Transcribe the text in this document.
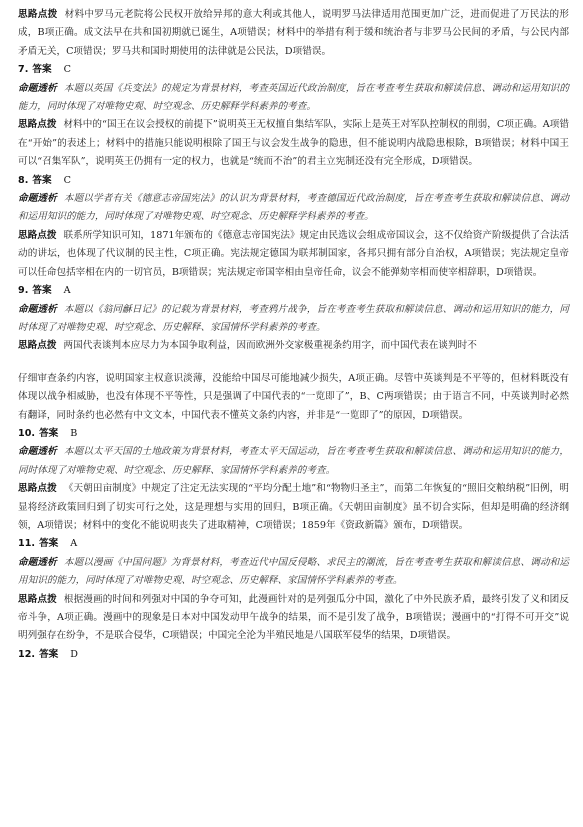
思路点拨 材料中罗马元老院将公民权开放给异邦的意大利或其他人，说明罗马法律适用范围更加广泛，进而促进了万民法的形成，B项正确。成文法早在共和国初期就已诞生，A项错误；材料中的举措有利于缓和统治者与非罗马公民间的矛盾，与公民内部矛盾无关，C项错误；罗马共和国时期使用的法律就是公民法，D项错误。

7. 答案 C

命题透析 本题以英国《兵变法》的规定为背景材料，考查英国近代政治制度，旨在考查考生获取和解读信息、调动和运用知识的能力，同时体现了对唯物史观、时空观念、历史解释学科素养的考查。

思路点拨 材料中的“国王在议会授权的前提下”说明英王无权擅自集结军队，实际上是英王对军队控制权的削弱，C项正确。A项错在“开始”的表述上；材料中的措施只能说明根除了国王与议会发生战争的隐患，但不能说明内战隐患根除，B项错误；材料中国王可以“召集军队”，说明英王仍拥有一定的权力，也就是“统而不治”的君主立宪制还没有完全形成，D项错误。

8. 答案 C

命题透析 本题以学者有关《德意志帝国宪法》的认识为背景材料，考查德国近代政治制度，旨在考查考生获取和解读信息、调动和运用知识的能力，同时体现了对唯物史观、时空观念、历史解释学科素养的考查。

思路点拨 联系所学知识可知，1871年颁布的《德意志帝国宪法》规定由民选议会组成帝国议会，这不仅给资产阶级提供了合法活动的讲坛，也体现了代议制的民主性，C项正确。宪法规定德国为联邦制国家，各邦只拥有部分自治权，A项错误；宪法规定皇帝可以任命包括宰相在内的一切官员，B项错误；宪法规定帝国宰相由皇帝任命，议会不能弹劾宰相而使宰相辞职，D项错误。

9. 答案 A

命题透析 本题以《翁同龢日记》的记载为背景材料，考查鸦片战争，旨在考查考生获取和解读信息、调动和运用知识的能力，同时体现了对唯物史观、时空观念、历史解释、家国情怀学科素养的考查。

思路点拨 两国代表谈判本应尽力为本国争取利益，因而欧洲外交家极重视条约用字，而中国代表在谈判时不

仔细审查条约内容，说明国家主权意识淡薄，没能给中国尽可能地减少损失，A项正确。尽管中英谈判是不平等的，但材料既没有体现以战争相威胁，也没有体现不平等性，只是强调了中国代表的“一览即了”，B、C两项错误；由于语言不同，中英谈判时必然有翻译，同时条约也必然有中文文本，中国代表不懂英文条约内容，并非是“一览即了”的原因，D项错误。

10. 答案 B

命题透析 本题以太平天国的土地政策为背景材料，考查太平天国运动，旨在考查考生获取和解读信息、调动和运用知识的能力，同时体现了对唯物史观、时空观念、历史解释、家国情怀学科素养的考查。

思路点拨 《天朝田亩制度》中规定了注定无法实现的“平均分配土地”和“物物归圣主”，而第二年恢复的“照旧交粮纳税”旧例，明显将经济政策回归到了切实可行之处，这是理想与实用的回归，B项正确。《天朝田亩制度》虽不切合实际，但却是明确的经济纲领，A项错误；材料中的变化不能说明丧失了进取精神，C项错误；1859年《资政新篇》颁布，D项错误。

11. 答案 A

命题透析 本题以漫画《中国问题》为背景材料，考查近代中国反侵略、求民主的潮流，旨在考查考生获取和解读信息、调动和运用知识的能力，同时体现了对唯物史观、时空观念、历史解释、家国情怀学科素养的考查。

思路点拨 根据漫画的时间和列强对中国的争夺可知，此漫画针对的是列强瓜分中国，激化了中外民族矛盾，最终引发了义和团反帝斗争，A项正确。漫画中的现象是日本对中国发动甲午战争的结果，而不是引发了战争，B项错误；漫画中的“打得不可开交”说明列强存在纷争，不是联合侵华，C项错误；中国完全沦为半殖民地是八国联军侵华的结果，D项错误。

12. 答案 D
